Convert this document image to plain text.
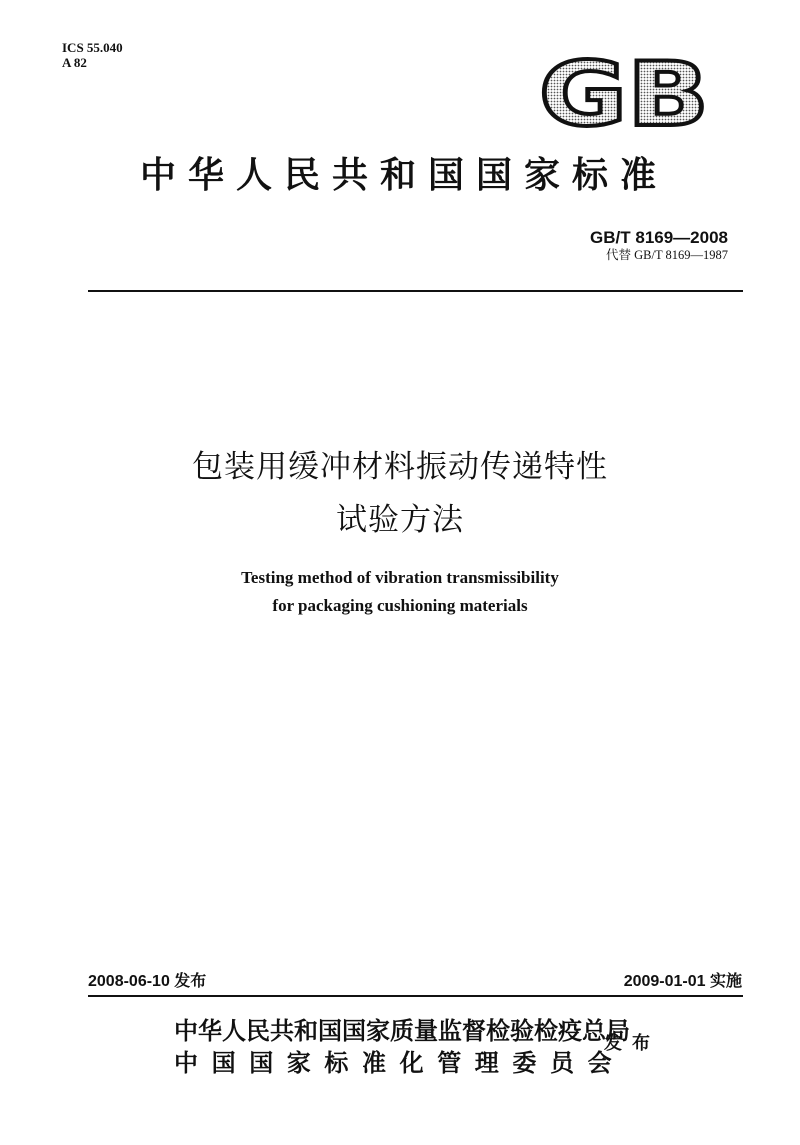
ICS 55.040
A 82	GB
中华人民共和国国家标准
GB/T 8169—2008
代替 GB/T 8169—1987
包装用缓冲材料振动传递特性
试验方法
Testing method of vibration transmissibility
for packaging cushioning materials
2008-06-10 发布	2009-01-01 实施
中华人民共和国国家质量监督检验检疫总局
中国国家标准化管理委员会
发布
